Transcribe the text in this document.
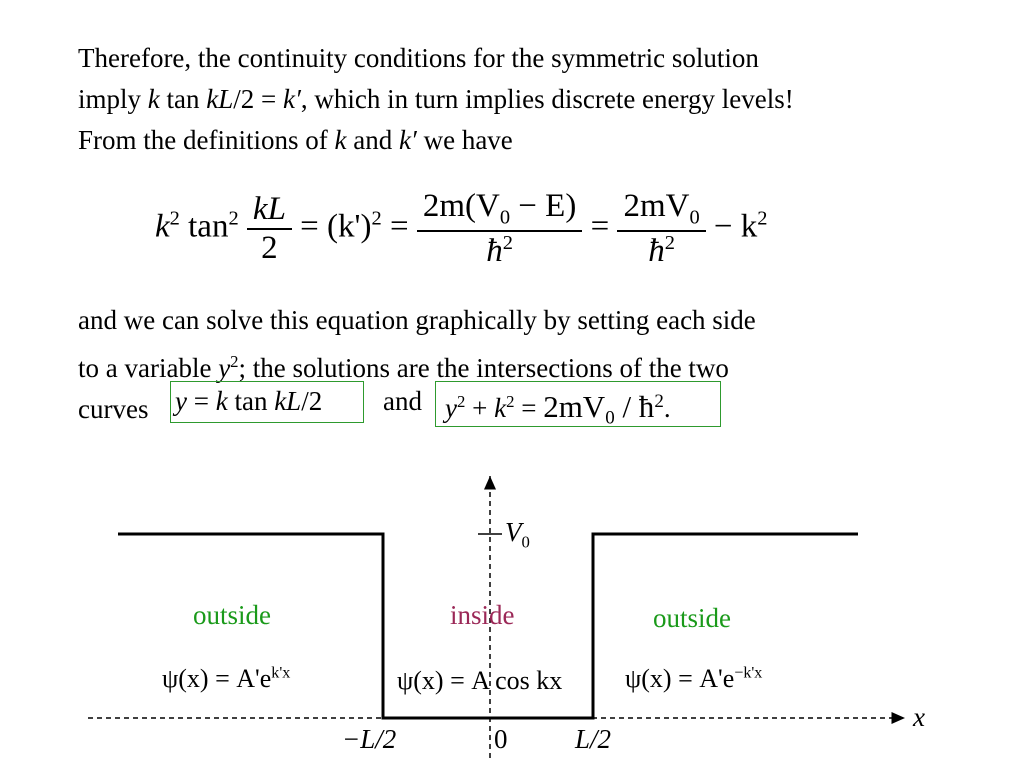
Therefore, the continuity conditions for the symmetric solution
imply k tan kL/2 = k′, which in turn implies discrete energy levels!
From the definitions of k and k′ we have
$k^2$ $\tan^2 \frac{kL}{2} = (k')^2 = \frac{2m(V_0 - E)}{ħ^2} = \frac{2mV_0}{ħ^2} - k^2$
and we can solve this equation graphically by setting each side
to a variable $y^2$; the solutions are the intersections of the two
curves y = k tan kL/2 and $y^2 + k^2 = 2mV_0$ / $ħ^2$.
$V_0$
outside	inside	outside
$\psi(x) = A'e^{k'x}$	ψ(x) = A cos kx $\psi(x) = A'e^{-k'x}$
x
−L/2	0	L/2
